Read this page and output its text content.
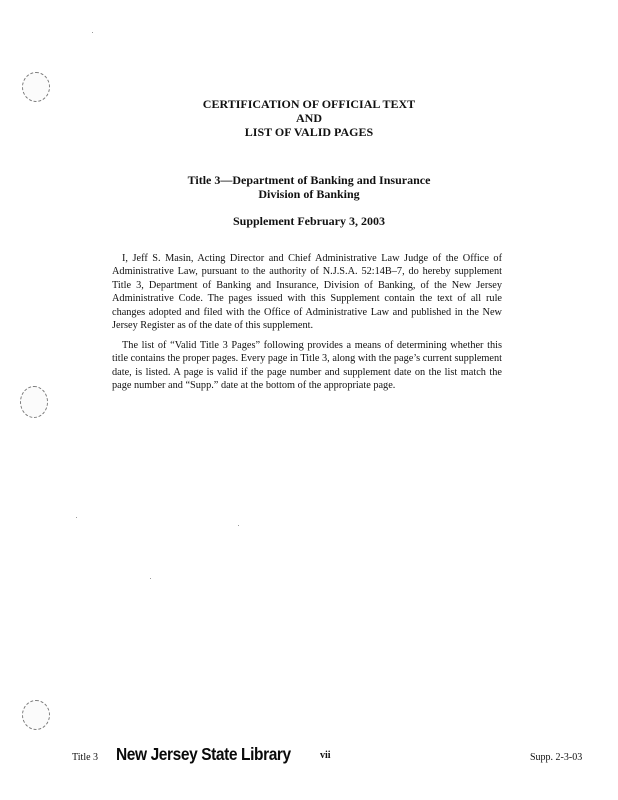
CERTIFICATION OF OFFICIAL TEXT
AND
LIST OF VALID PAGES
Title 3—Department of Banking and Insurance
Division of Banking
Supplement February 3, 2003

I, Jeff S. Masin, Acting Director and Chief Administrative Law Judge of the Office of Administrative Law, pursuant to the authority of N.J.S.A. 52:14B–7, do hereby supplement Title 3, Department of Banking and Insurance, Division of Banking, of the New Jersey Administrative Code. The pages issued with this Supplement contain the text of all rule changes adopted and filed with the Office of Administrative Law and published in the New Jersey Register as of the date of this supplement.

The list of “Valid Title 3 Pages” following provides a means of determining whether this title contains the proper pages. Every page in Title 3, along with the page’s current supplement date, is listed. A page is valid if the page number and supplement date on the list match the page number and “Supp.” date at the bottom of the appropriate page.

Title 3 New Jersey State Library	vii	Supp. 2-3-03
